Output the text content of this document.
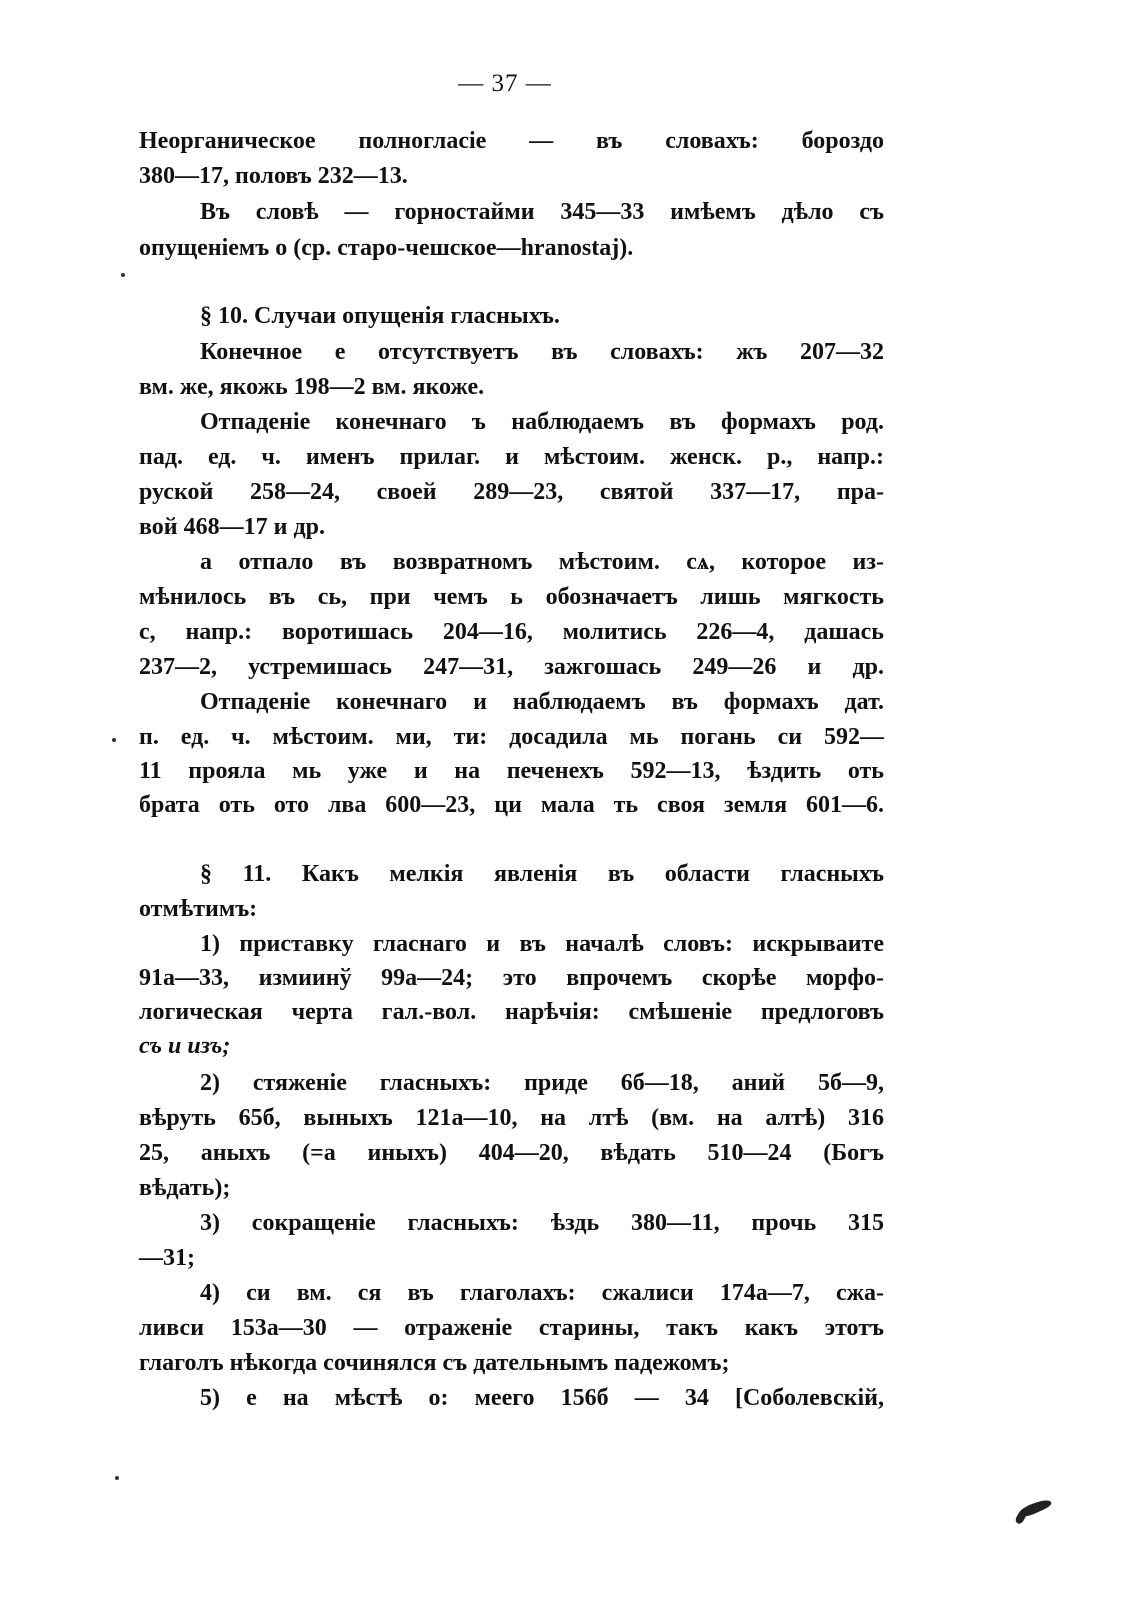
— 37 —
Неорганическое полногласіе — въ словахъ: бороздо
380—17, половъ 232—13.
Въ словѣ — горностайми 345—33 имѣемъ дѣло съ
опущеніемъ о (ср. старо-чешское—hranostaj).
§ 10. Случаи опущенія гласныхъ.
Конечное е отсутствуетъ въ словахъ: жъ 207—32
вм. же, якожь 198—2 вм. якоже.
Отпаденіе конечнаго ъ наблюдаемъ въ формахъ род.
пад. ед. ч. именъ прилаг. и мѣстоим. женск. р., напр.:
руской 258—24, своей 289—23, святой 337—17, пра-
вой 468—17 и др.
а отпало въ возвратномъ мѣстоим. сѧ, которое из-
мѣнилось въ сь, при чемъ ь обозначаетъ лишь мягкость
с, напр.: воротишась 204—16, молитись 226—4, дашась
237—2, устремишась 247—31, зажгошась 249—26 и др.
Отпаденіе конечнаго и наблюдаемъ въ формахъ дат.
п. ед. ч. мѣстоим. ми, ти: досадила мь погань си 592—
11 прояла мь уже и на печенехъ 592—13, ѣздить оть
брата оть ото лва 600—23, ци мала ть своя земля 601—6.
§ 11. Какъ мелкія явленія въ области гласныхъ
отмѣтимъ:
1) приставку гласнаго и въ началѣ словъ: искрываите
91а—33, измиинў 99а—24; это впрочемъ скорѣе морфо-
логическая черта гал.-вол. нарѣчія: смѣшеніе предлоговъ
съ и изъ;
2) стяженіе гласныхъ: приде 6б—18, аний 5б—9,
вѣруть 65б, выныхъ 121а—10, на лтѣ (вм. на алтѣ) 316
25, аныхъ (=а иныхъ) 404—20, вѣдать 510—24 (Богъ
вѣдать);
3) сокращеніе гласныхъ: ѣздь 380—11, прочь 315
—31;
4) си вм. ся въ глаголахъ: сжалиси 174а—7, сжа-
ливси 153а—30 — отраженіе старины, такъ какъ этотъ
глаголъ нѣкогда сочинялся съ дательнымъ падежомъ;
5) е на мѣстѣ о: меего 156б — 34 [Соболевскій,
